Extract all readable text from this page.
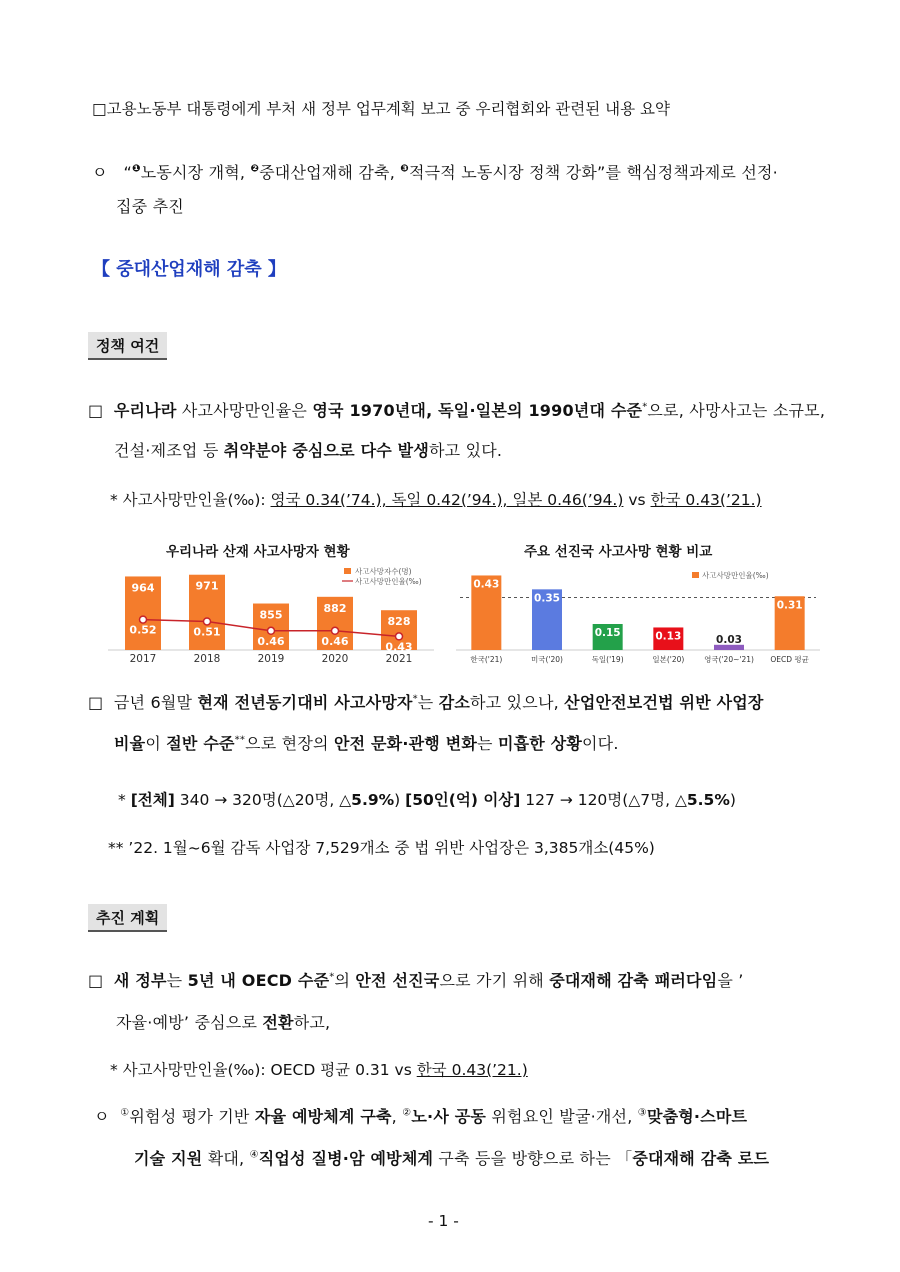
□고용노동부 대통령에게 부처 새 정부 업무계획 보고 중 우리협회와 관련된 내용 요약
ㅇ “$^❶$노동시장 개혁, $^❷$중대산업재해 감축, $^❸$적극적 노동시장 정책 강화”를 핵심정책과제로 선정·
집중 추진
【 중대산업재해 감축 】
정책 여건
□ 우리나라 사고사망만인율은 영국 1970년대, 독일·일본의 1990년대 수준*으로, 사망사고는 소규모,
건설·제조업 등 취약분야 중심으로 다수 발생하고 있다.
* 사고사망만인율(‰): 영국 0.34(’74.), 독일 0.42(’94.), 일본 0.46(’94.) vs 한국 0.43(’21.)
우리나라 산재 사고사망자 현황	주요 선진국 사고사망 현황 비교
964
2017
971
2018
855
2019
882
2020
828
2021
0.52	0.51
0.46	0.46	0.43
사고사망자수(명)
사고사망만인율(‰)	0.43
한국('21)
0.35
미국('20)
0.15
독일('19)
0.13
일본('20)
0.03
영국('20~'21)
0.31
OECD 평균
사고사망만인율(‰)
□ 금년 6월말 현재 전년동기대비 사고사망자*는 감소하고 있으나, 산업안전보건법 위반 사업장
비율이 절반 수준**으로 현장의 안전 문화·관행 변화는 미흡한 상황이다.
* [전체] 340 → 320명(△20명, △5.9%) [50인(억) 이상] 127 → 120명(△7명, △5.5%)
** ’22. 1월~6월 감독 사업장 7,529개소 중 법 위반 사업장은 3,385개소(45%)
추진 계획
□ 새 정부는 5년 내 OECD 수준*의 안전 선진국으로 가기 위해 중대재해 감축 패러다임을 ’
자율·예방’ 중심으로 전환하고,
* 사고사망만인율(‰): OECD 평균 0.31 vs 한국 0.43(’21.)
ㅇ ①위험성 평가 기반 자율 예방체계 구축, ②노·사 공동 위험요인 발굴·개선, ③맞춤형·스마트
기술 지원 확대, ④직업성 질병·암 예방체계 구축 등을 방향으로 하는 「중대재해 감축 로드
- 1 -
